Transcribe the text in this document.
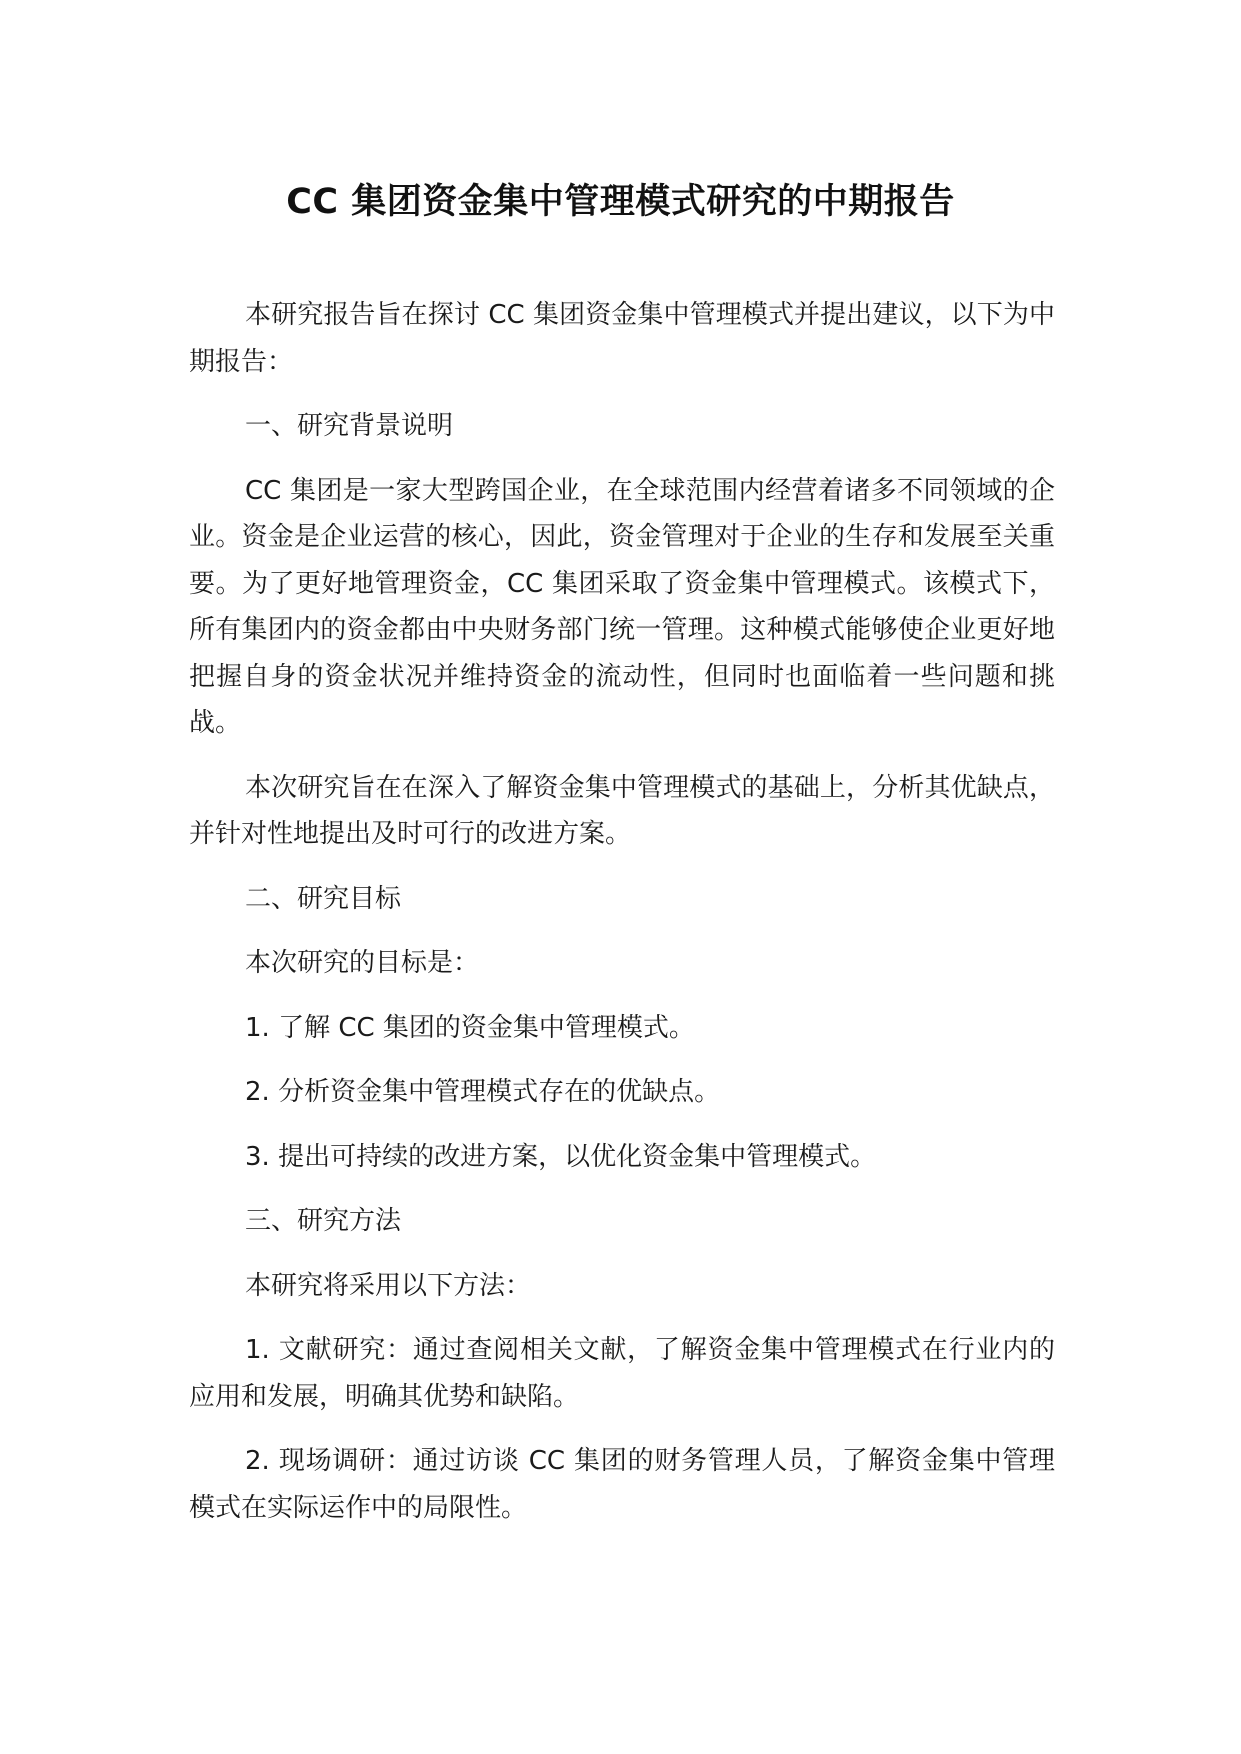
CC 集团资金集中管理模式研究的中期报告

本研究报告旨在探讨 CC 集团资金集中管理模式并提出建议，以下为中期报告：

一、研究背景说明

CC 集团是一家大型跨国企业，在全球范围内经营着诸多不同领域的企业。资金是企业运营的核心，因此，资金管理对于企业的生存和发展至关重要。为了更好地管理资金，CC 集团采取了资金集中管理模式。该模式下，所有集团内的资金都由中央财务部门统一管理。这种模式能够使企业更好地把握自身的资金状况并维持资金的流动性，但同时也面临着一些问题和挑战。

本次研究旨在在深入了解资金集中管理模式的基础上，分析其优缺点，并针对性地提出及时可行的改进方案。

二、研究目标

本次研究的目标是：

1. 了解 CC 集团的资金集中管理模式。

2. 分析资金集中管理模式存在的优缺点。

3. 提出可持续的改进方案，以优化资金集中管理模式。

三、研究方法

本研究将采用以下方法：

1. 文献研究：通过查阅相关文献，了解资金集中管理模式在行业内的应用和发展，明确其优势和缺陷。

2. 现场调研：通过访谈 CC 集团的财务管理人员，了解资金集中管理模式在实际运作中的局限性。
